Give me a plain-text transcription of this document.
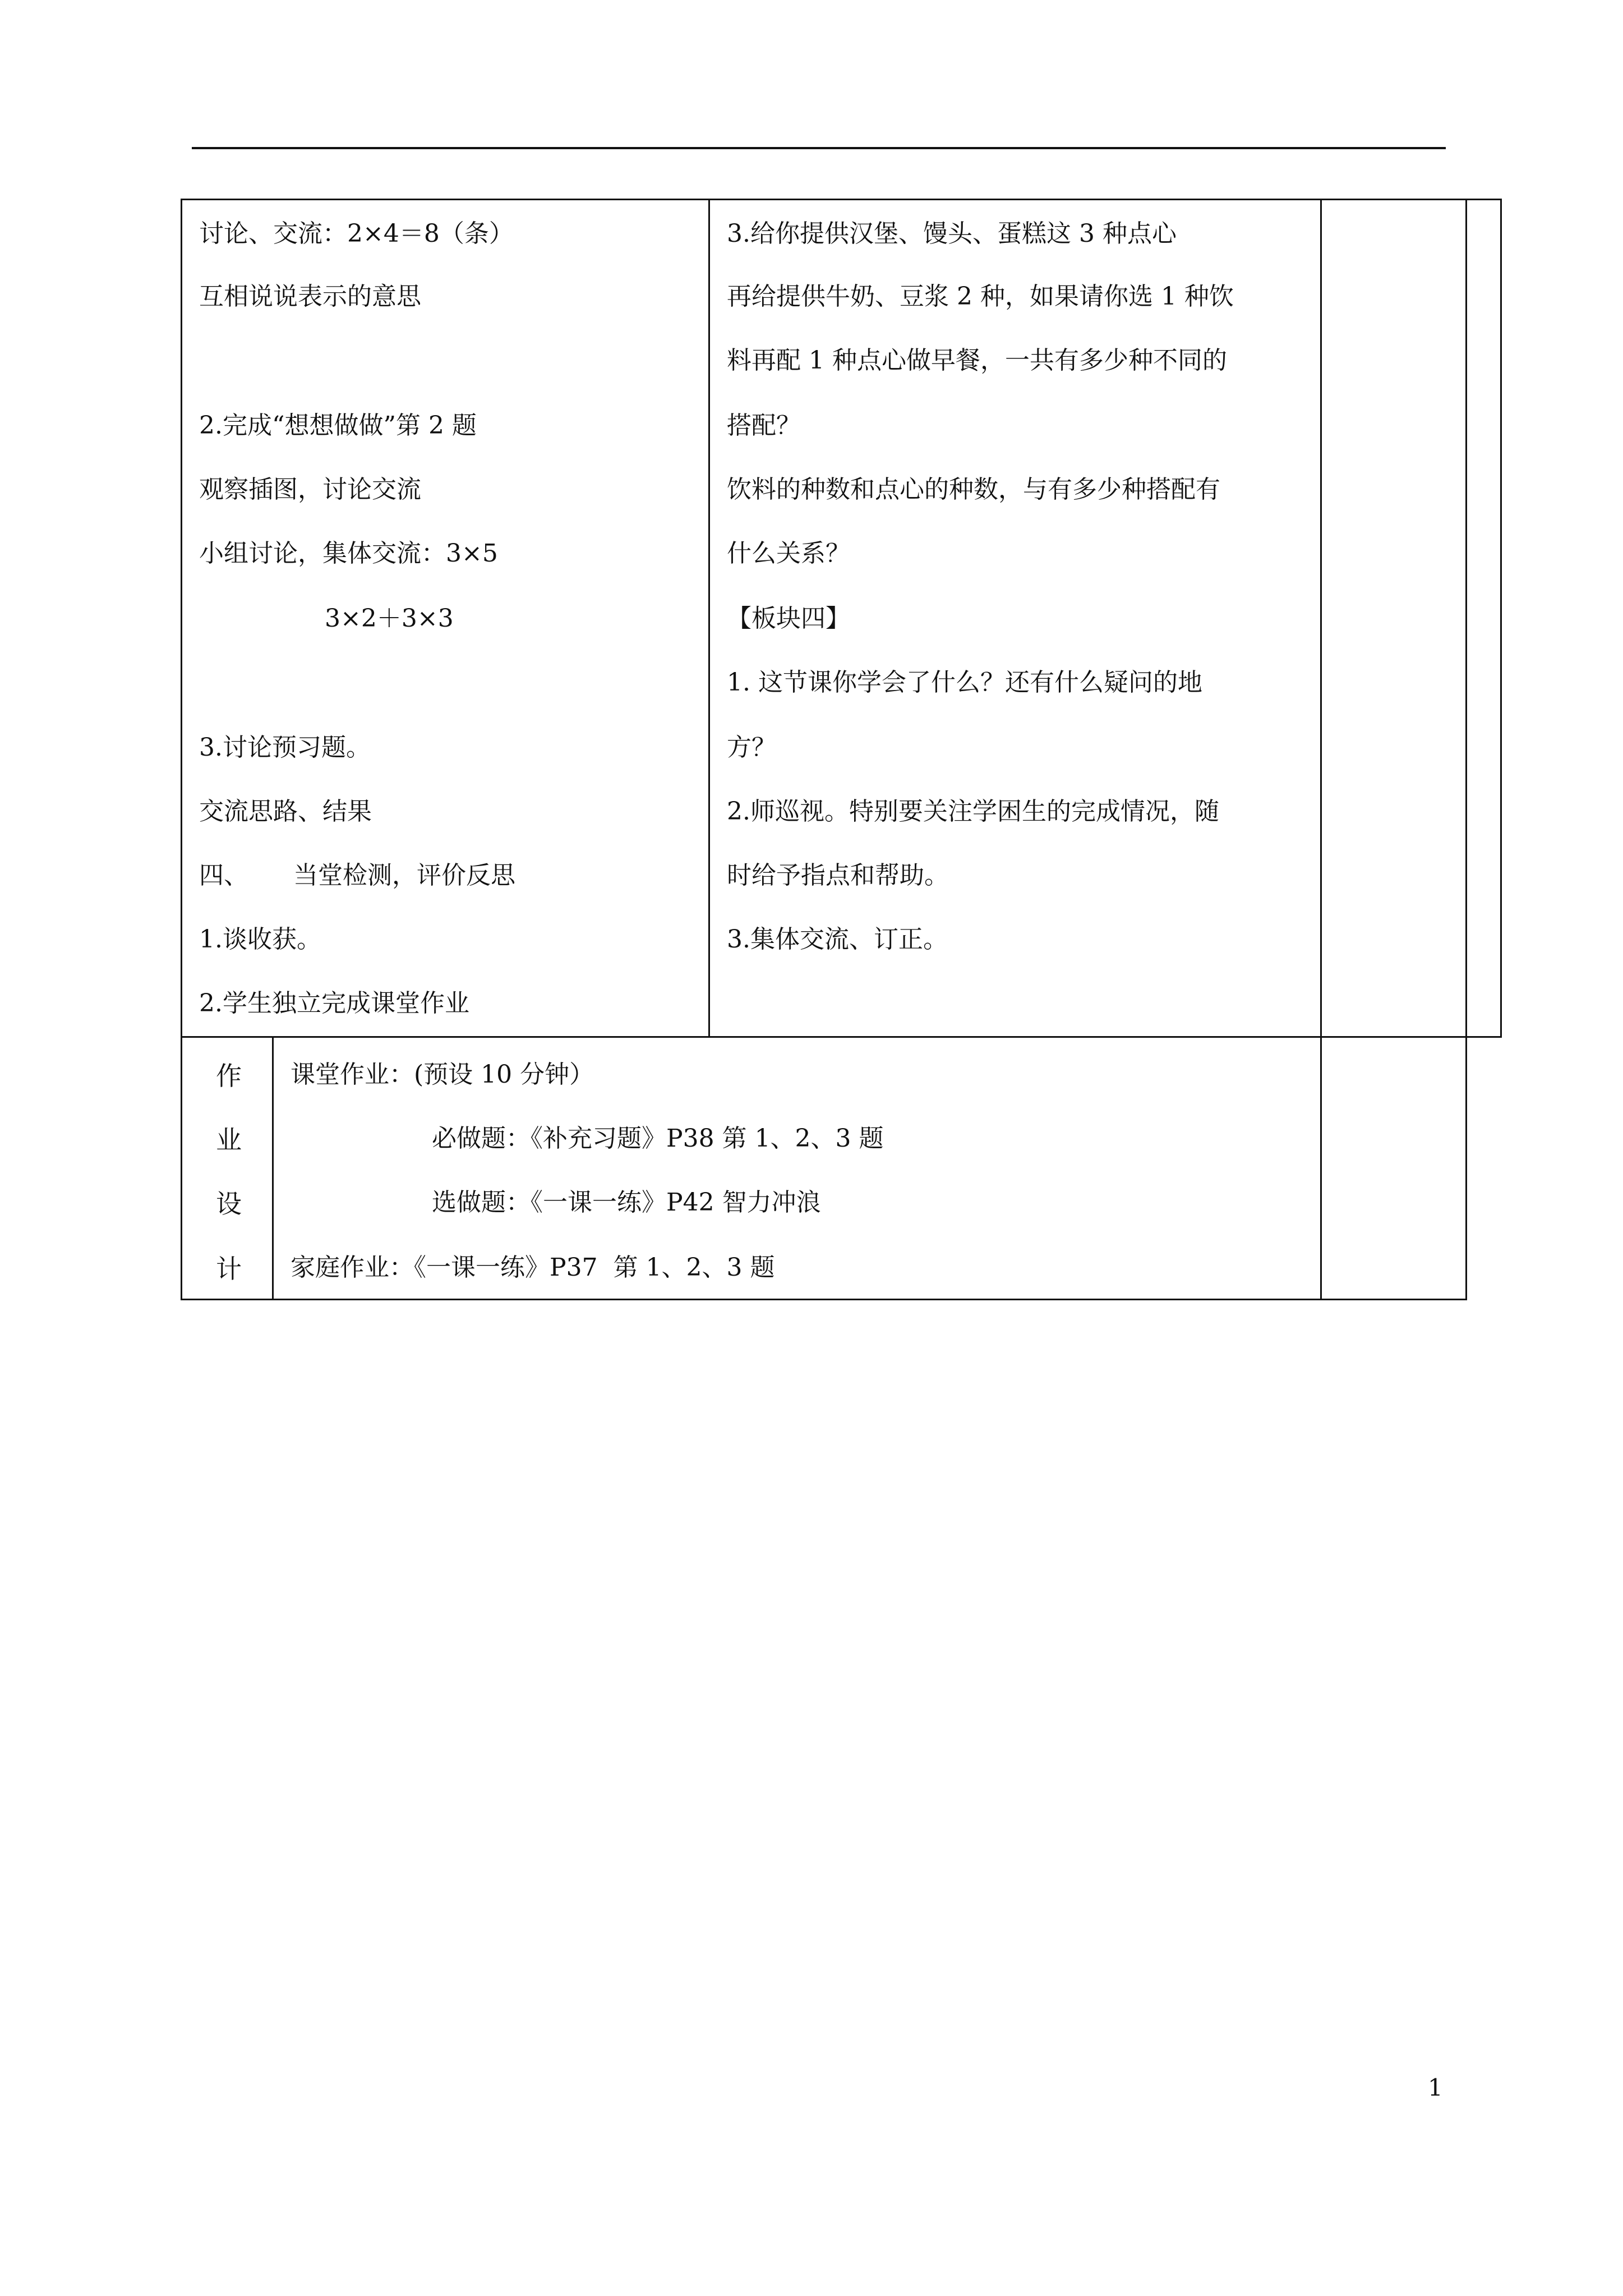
讨论、交流：2×4＝8（条）
互相说说表示的意思
2.完成“想想做做”第 2 题
观察插图，讨论交流
小组讨论，集体交流：3×5
3×2＋3×3
3.讨论预习题。
交流思路、结果
四、 当堂检测，评价反思
1.谈收获。
2.学生独立完成课堂作业
3.给你提供汉堡、馒头、蛋糕这 3 种点心
再给提供牛奶、豆浆 2 种，如果请你选 1 种饮
料再配 1 种点心做早餐，一共有多少种不同的
搭配？
饮料的种数和点心的种数，与有多少种搭配有
什么关系？
【板块四】
1. 这节课你学会了什么？还有什么疑问的地
方？
2.师巡视。特别要关注学困生的完成情况，随
时给予指点和帮助。
3.集体交流、订正。
作
业
设
计
课堂作业：(预设 10 分钟）
必做题：《补充习题》P38 第 1、2、3 题
选做题：《一课一练》P42 智力冲浪
家庭作业：《一课一练》P37  第 1、2、3 题
1
